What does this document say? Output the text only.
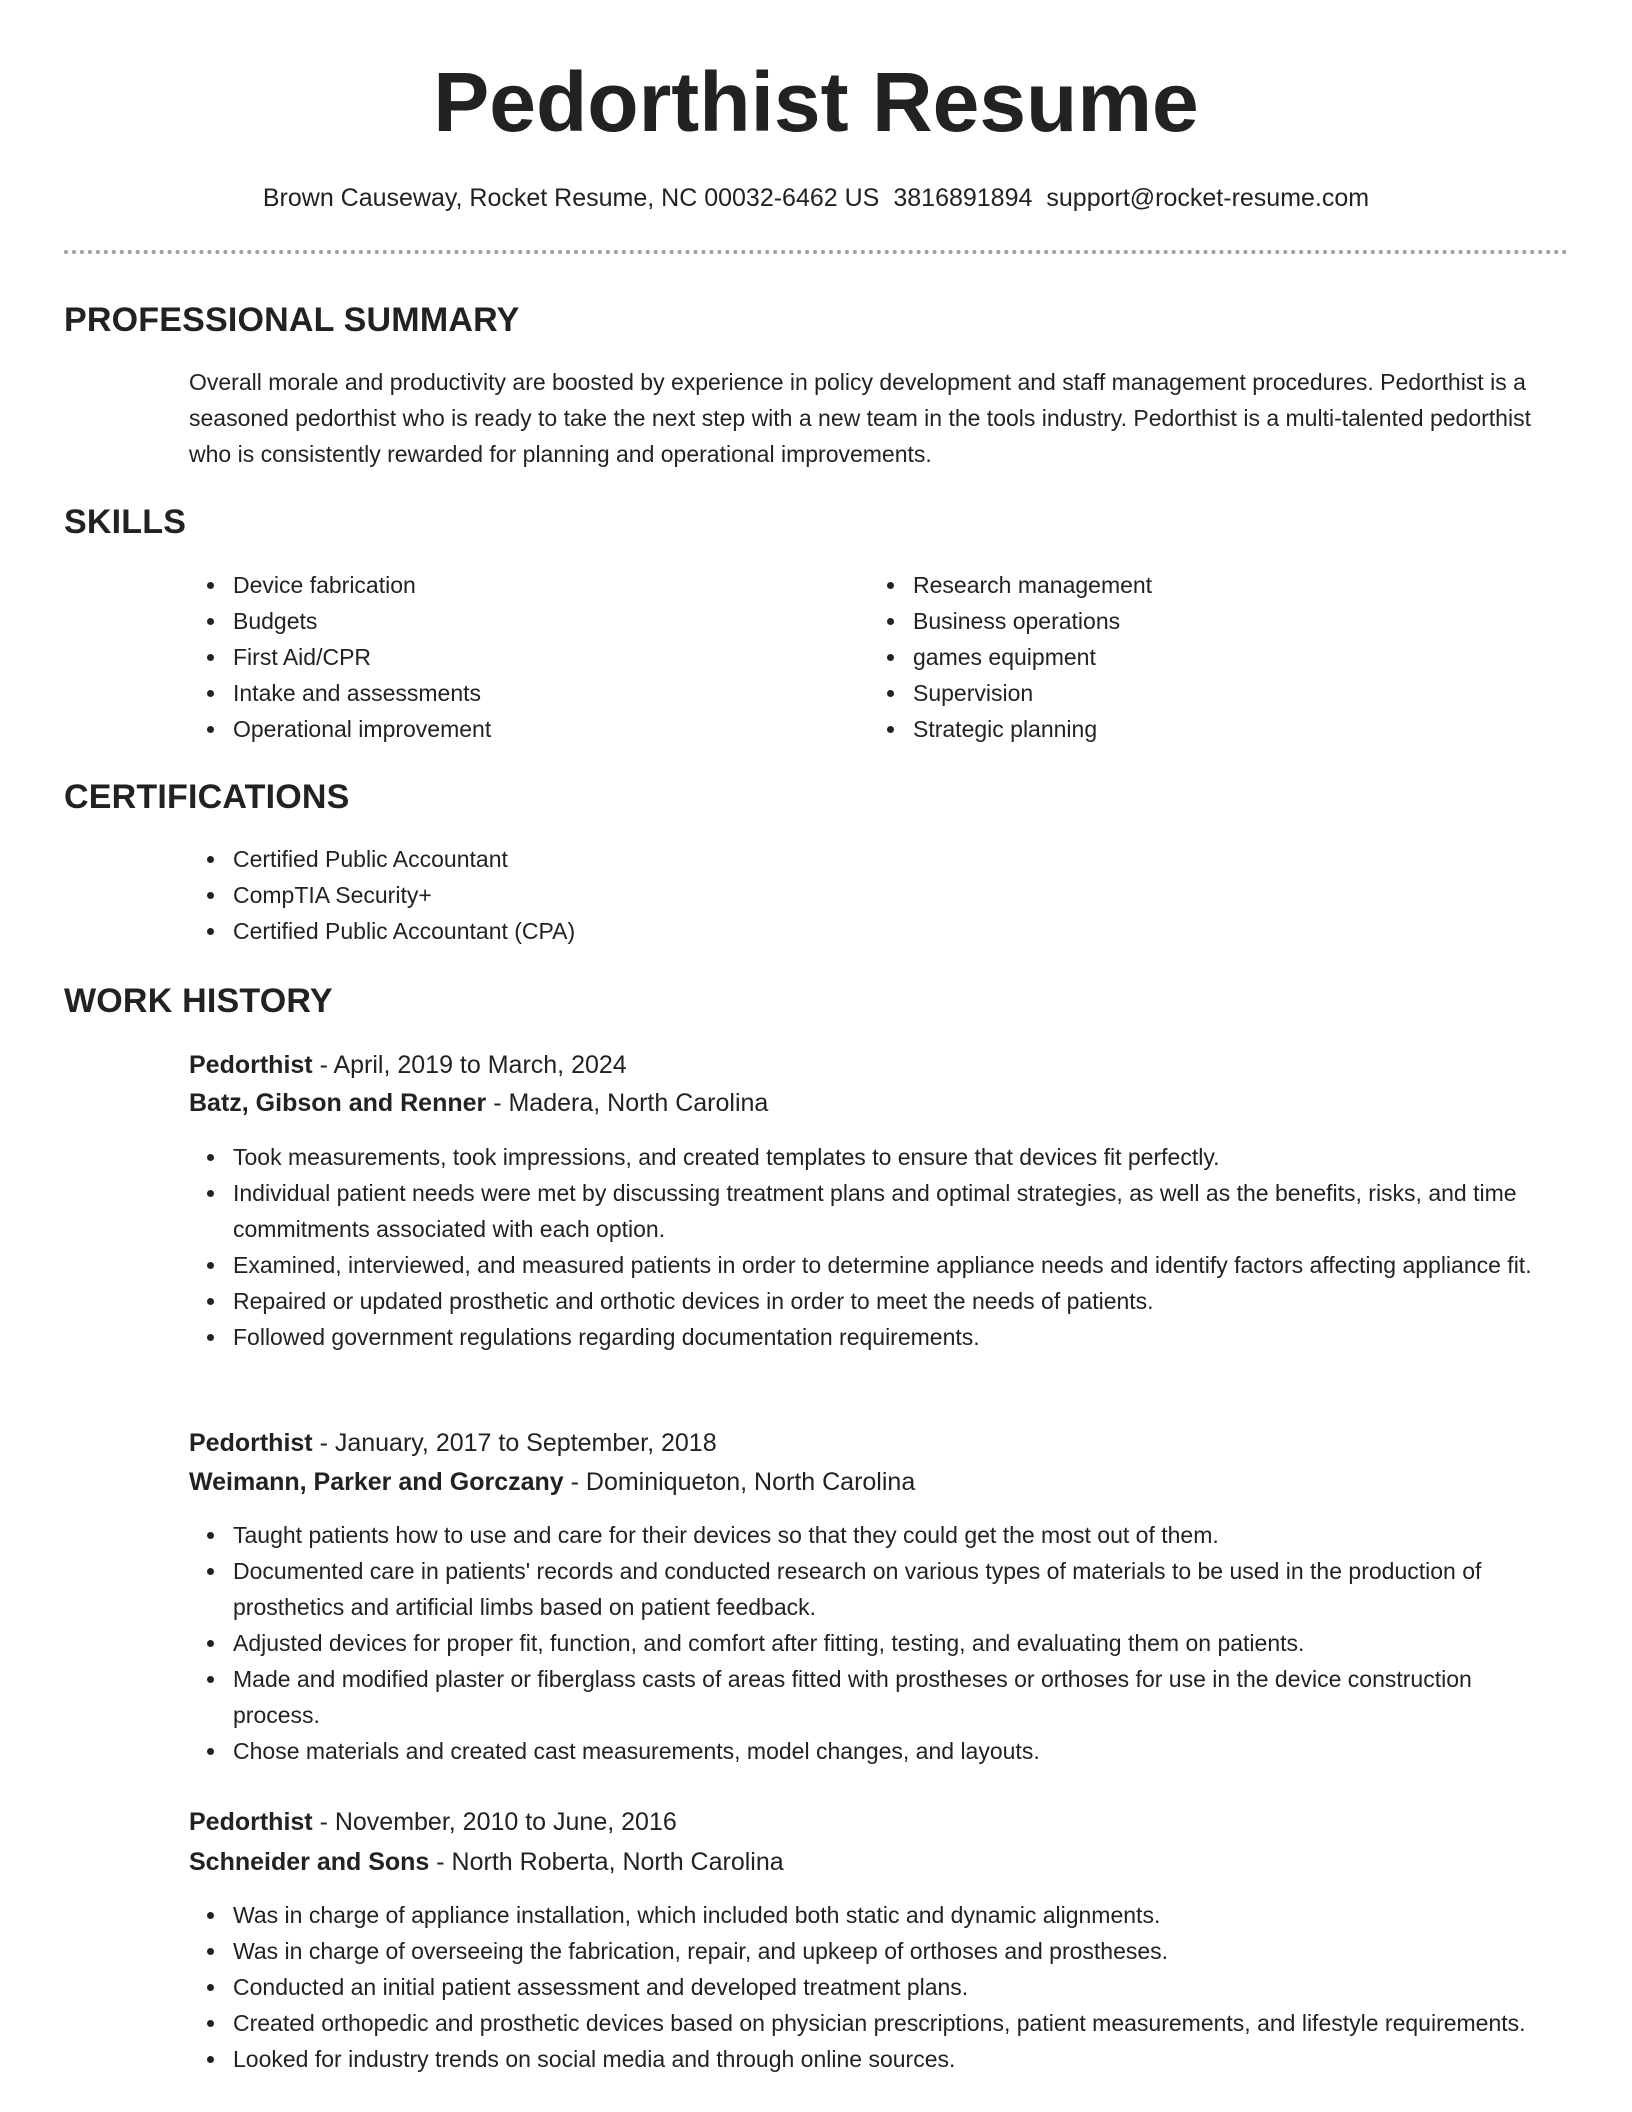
Pedorthist Resume
Brown Causeway, Rocket Resume, NC 00032-6462 US 3816891894 support@rocket-resume.com
PROFESSIONAL SUMMARY

Overall morale and productivity are boosted by experience in policy development and staff management procedures. Pedorthist is a seasoned pedorthist who is ready to take the next step with a new team in the tools industry. Pedorthist is a multi-talented pedorthist who is consistently rewarded for planning and operational improvements.

SKILLS
Device fabrication
Budgets
First Aid/CPR
Intake and assessments
Operational improvement
Research management
Business operations
games equipment
Supervision
Strategic planning
CERTIFICATIONS
Certified Public Accountant
CompTIA Security+
Certified Public Accountant (CPA)
WORK HISTORY

Pedorthist - April, 2019 to March, 2024

Batz, Gibson and Renner - Madera, North Carolina

Took measurements, took impressions, and created templates to ensure that devices fit perfectly.
Individual patient needs were met by discussing treatment plans and optimal strategies, as well as the benefits, risks, and time commitments associated with each option.
Examined, interviewed, and measured patients in order to determine appliance needs and identify factors affecting appliance fit.
Repaired or updated prosthetic and orthotic devices in order to meet the needs of patients.
Followed government regulations regarding documentation requirements.

Pedorthist - January, 2017 to September, 2018

Weimann, Parker and Gorczany - Dominiqueton, North Carolina

Taught patients how to use and care for their devices so that they could get the most out of them.
Documented care in patients' records and conducted research on various types of materials to be used in the production of prosthetics and artificial limbs based on patient feedback.
Adjusted devices for proper fit, function, and comfort after fitting, testing, and evaluating them on patients.
Made and modified plaster or fiberglass casts of areas fitted with prostheses or orthoses for use in the device construction process.
Chose materials and created cast measurements, model changes, and layouts.

Pedorthist - November, 2010 to June, 2016

Schneider and Sons - North Roberta, North Carolina

Was in charge of appliance installation, which included both static and dynamic alignments.
Was in charge of overseeing the fabrication, repair, and upkeep of orthoses and prostheses.
Conducted an initial patient assessment and developed treatment plans.
Created orthopedic and prosthetic devices based on physician prescriptions, patient measurements, and lifestyle requirements.
Looked for industry trends on social media and through online sources.
